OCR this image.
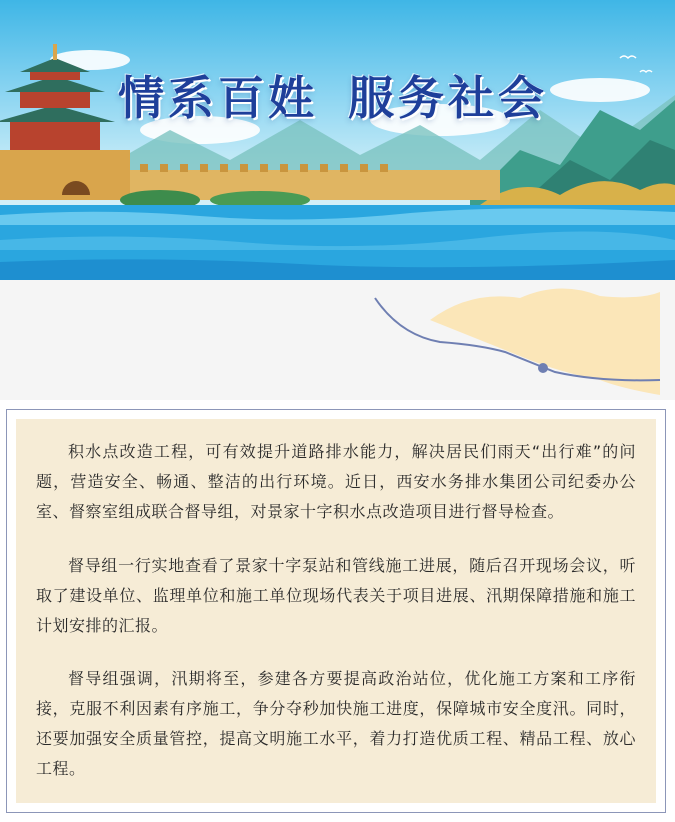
情系百姓 服务社会

积水点改造工程，可有效提升道路排水能力，解决居民们雨天“出行难”的问题，营造安全、畅通、整洁的出行环境。近日，西安水务排水集团公司纪委办公室、督察室组成联合督导组，对景家十字积水点改造项目进行督导检查。

督导组一行实地查看了景家十字泵站和管线施工进展，随后召开现场会议，听取了建设单位、监理单位和施工单位现场代表关于项目进展、汛期保障措施和施工计划安排的汇报。

督导组强调，汛期将至，参建各方要提高政治站位，优化施工方案和工序衔接，克服不利因素有序施工，争分夺秒加快施工进度，保障城市安全度汛。同时，还要加强安全质量管控，提高文明施工水平，着力打造优质工程、精品工程、放心工程。
